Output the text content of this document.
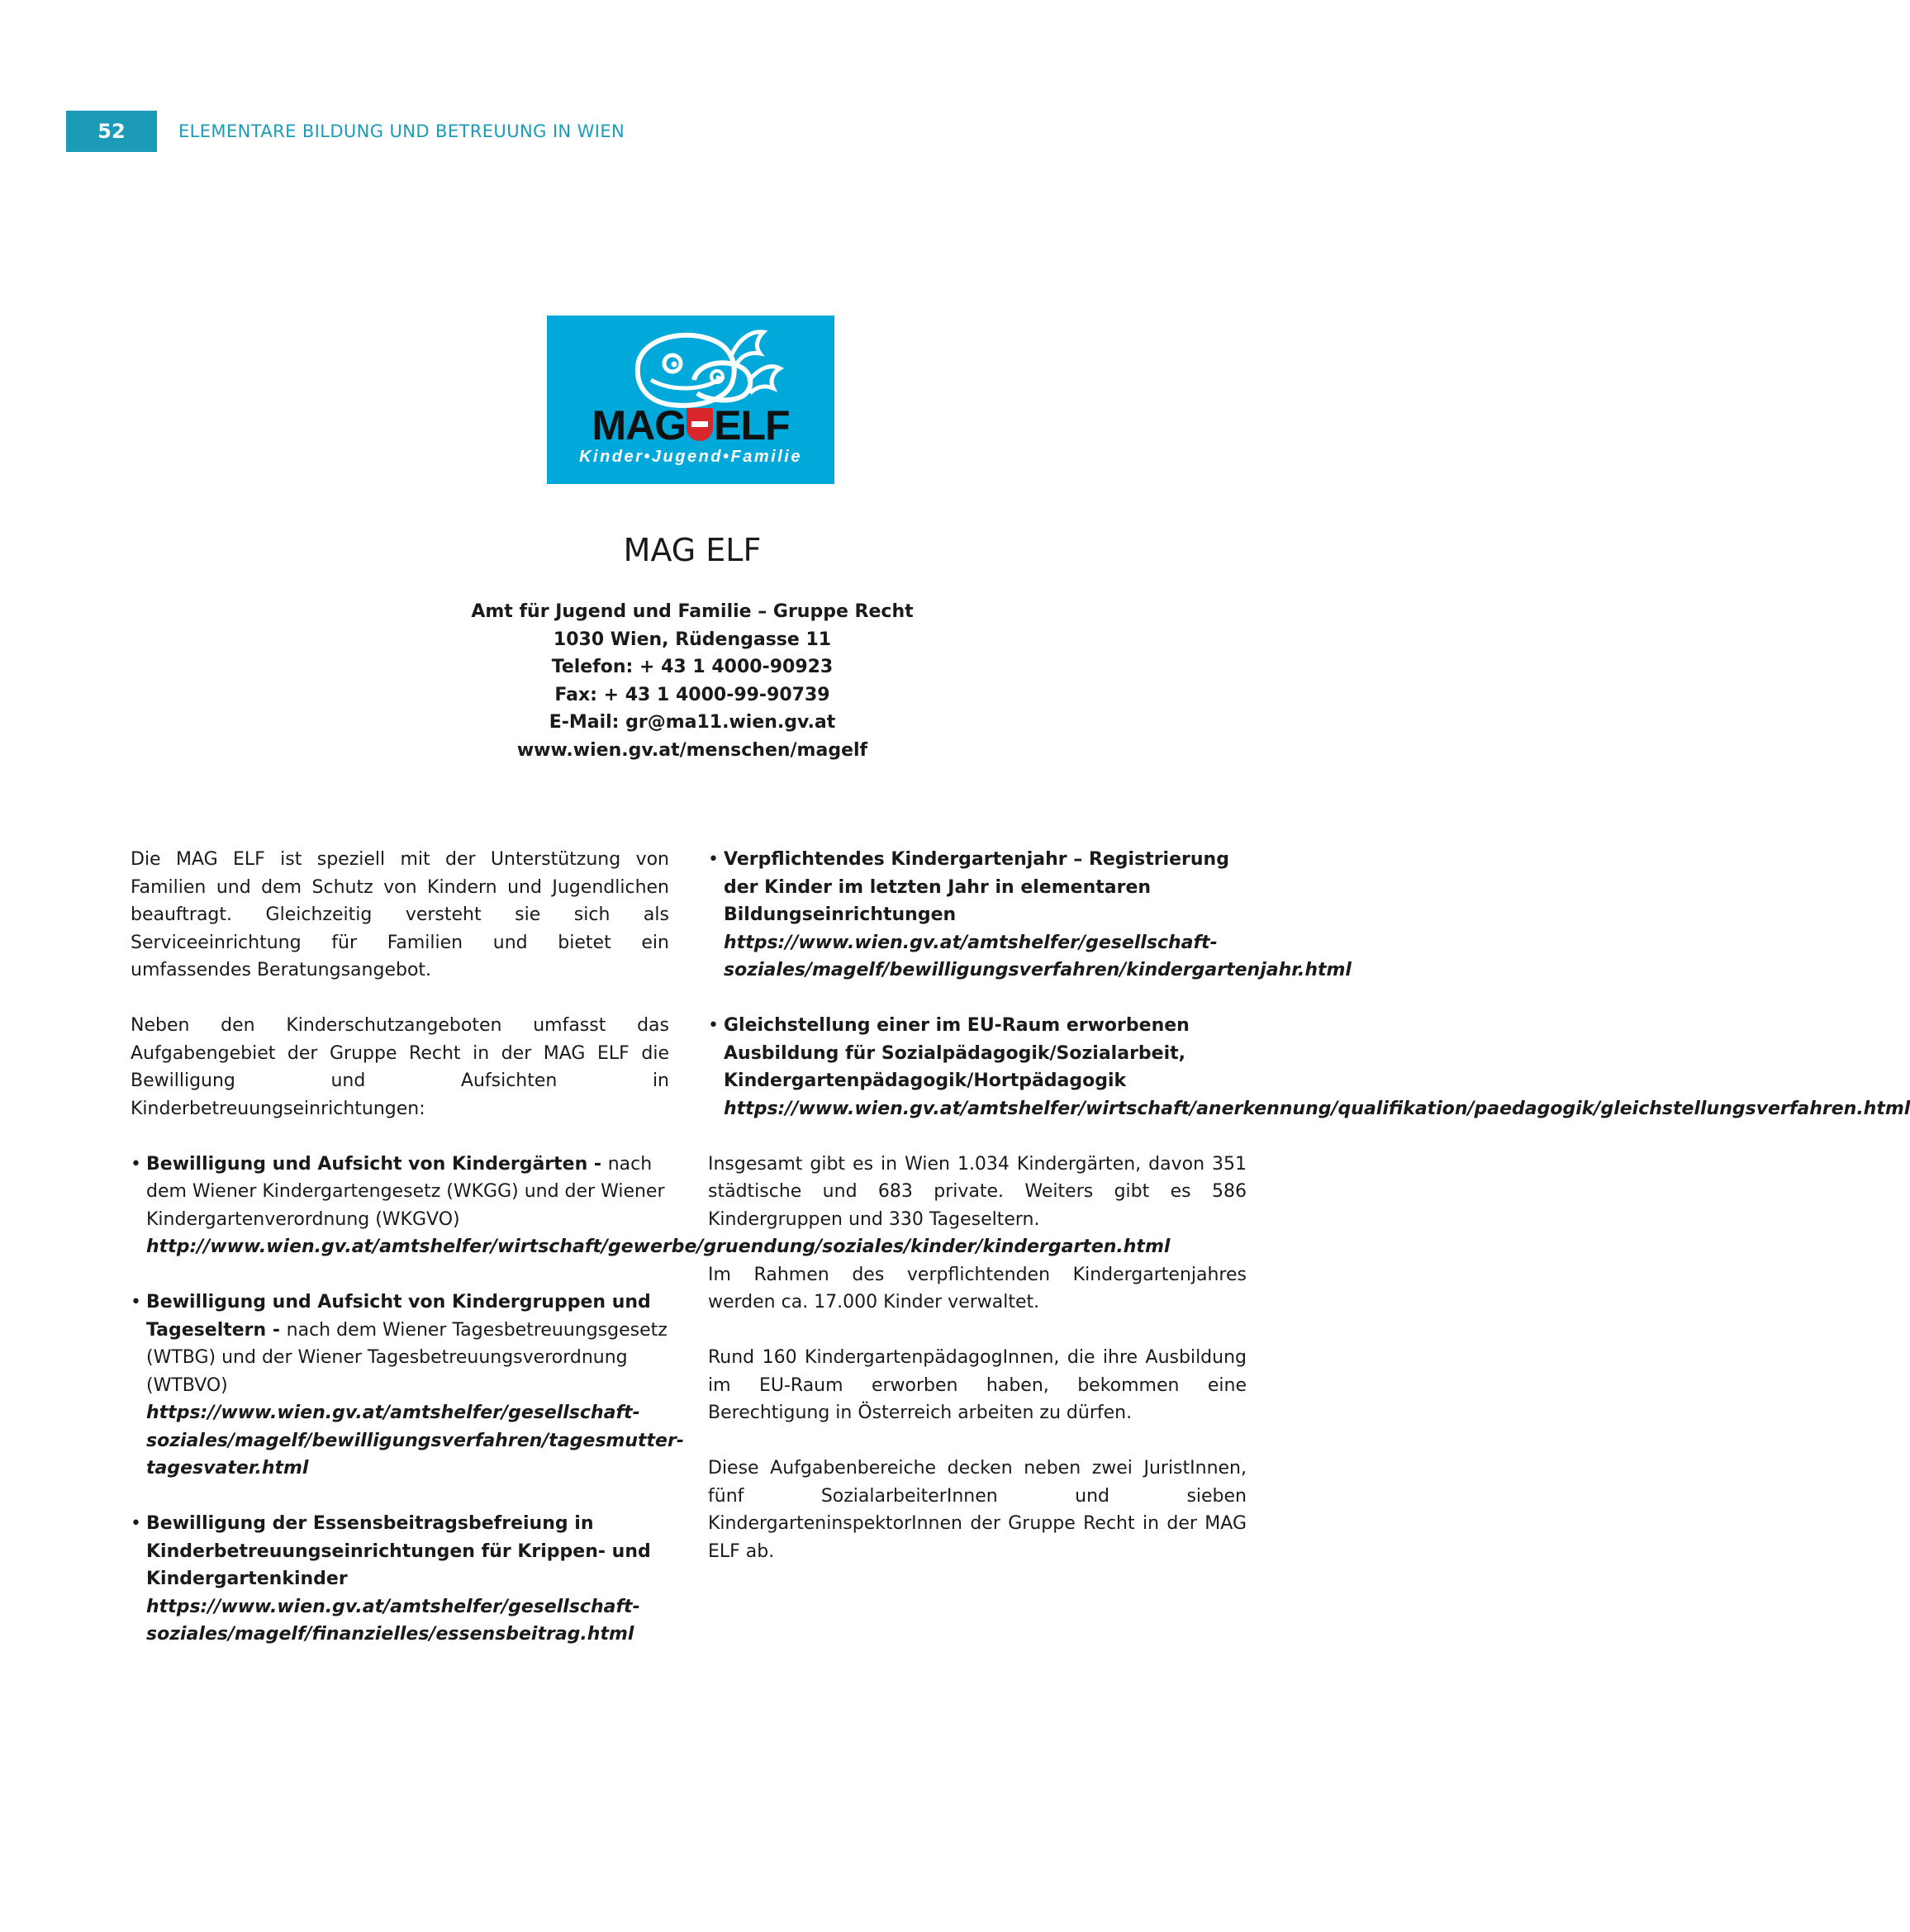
52	ELEMENTARE BILDUNG UND BETREUUNG IN WIEN
MAG ELF
Kinder•Jugend•Familie
MAG ELF
Amt für Jugend und Familie – Gruppe Recht
1030 Wien, Rüdengasse 11
Telefon: + 43 1 4000-90923
Fax: + 43 1 4000-99-90739
E-Mail: gr@ma11.wien.gv.at
www.wien.gv.at/menschen/magelf

Die MAG ELF ist speziell mit der Unterstützung von Familien und dem Schutz von Kindern und Jugendlichen beauftragt. Gleichzeitig versteht sie sich als Serviceeinrichtung für Familien und bietet ein umfassendes Beratungsangebot.

Neben den Kinderschutzangeboten umfasst das Aufgabengebiet der Gruppe Recht in der MAG ELF die Bewilligung und Aufsichten in Kinderbetreuungseinrichtungen:

• Bewilligung und Aufsicht von Kindergärten - nach dem Wiener Kindergartengesetz (WKGG) und der Wiener Kindergartenverordnung (WKGVO)
http://www.wien.gv.at/amtshelfer/wirtschaft/gewerbe/gruendung/soziales/kinder/kindergarten.html
• Bewilligung und Aufsicht von Kindergruppen und Tageseltern - nach dem Wiener Tagesbetreuungsgesetz (WTBG) und der Wiener Tagesbetreuungsverordnung (WTBVO)
https://www.wien.gv.at/amtshelfer/gesellschaft-soziales/magelf/bewilligungsverfahren/tagesmutter-tagesvater.html
• Bewilligung der Essensbeitragsbefreiung in Kinderbetreuungseinrichtungen für Krippen- und Kindergartenkinder
https://www.wien.gv.at/amtshelfer/gesellschaft-soziales/magelf/finanzielles/essensbeitrag.html
• Verpflichtendes Kindergartenjahr – Registrierung der Kinder im letzten Jahr in elementaren Bildungseinrichtungen
https://www.wien.gv.at/amtshelfer/gesellschaft-soziales/magelf/bewilligungsverfahren/kindergartenjahr.html
• Gleichstellung einer im EU-Raum erworbenen Ausbildung für Sozialpädagogik/Sozialarbeit, Kindergartenpädagogik/Hortpädagogik
https://www.wien.gv.at/amtshelfer/wirtschaft/anerkennung/qualifikation/paedagogik/gleichstellungsverfahren.html

Insgesamt gibt es in Wien 1.034 Kindergärten, davon 351 städtische und 683 private. Weiters gibt es 586 Kindergruppen und 330 Tageseltern.

Im Rahmen des verpflichtenden Kindergartenjahres werden ca. 17.000 Kinder verwaltet.

Rund 160 KindergartenpädagogInnen, die ihre Ausbildung im EU-Raum erworben haben, bekommen eine Berechtigung in Österreich arbeiten zu dürfen.

Diese Aufgabenbereiche decken neben zwei JuristInnen, fünf SozialarbeiterInnen und sieben KindergarteninspektorInnen der Gruppe Recht in der MAG ELF ab.
